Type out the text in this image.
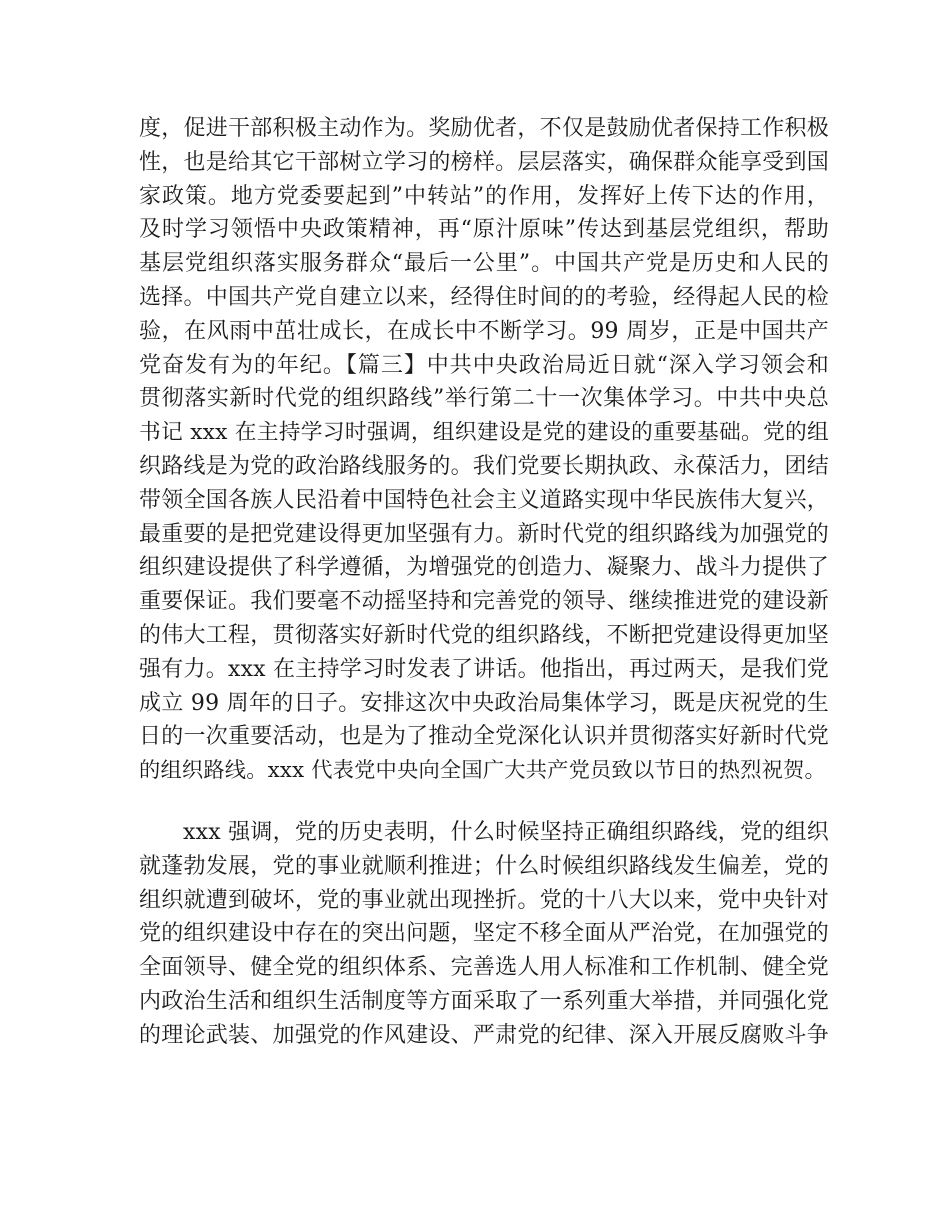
度，促进干部积极主动作为。奖励优者，不仅是鼓励优者保持工作积极
性，也是给其它干部树立学习的榜样。层层落实，确保群众能享受到国
家政策。地方党委要起到”中转站”的作用，发挥好上传下达的作用，
及时学习领悟中央政策精神，再“原汁原味”传达到基层党组织，帮助
基层党组织落实服务群众“最后一公里”。中国共产党是历史和人民的
选择。中国共产党自建立以来，经得住时间的的考验，经得起人民的检
验，在风雨中茁壮成长，在成长中不断学习。99 周岁，正是中国共产
党奋发有为的年纪。【篇三】中共中央政治局近日就“深入学习领会和
贯彻落实新时代党的组织路线”举行第二十一次集体学习。中共中央总
书记 xxx 在主持学习时强调，组织建设是党的建设的重要基础。党的组
织路线是为党的政治路线服务的。我们党要长期执政、永葆活力，团结
带领全国各族人民沿着中国特色社会主义道路实现中华民族伟大复兴，
最重要的是把党建设得更加坚强有力。新时代党的组织路线为加强党的
组织建设提供了科学遵循，为增强党的创造力、凝聚力、战斗力提供了
重要保证。我们要毫不动摇坚持和完善党的领导、继续推进党的建设新
的伟大工程，贯彻落实好新时代党的组织路线，不断把党建设得更加坚
强有力。xxx 在主持学习时发表了讲话。他指出，再过两天，是我们党
成立 99 周年的日子。安排这次中央政治局集体学习，既是庆祝党的生
日的一次重要活动，也是为了推动全党深化认识并贯彻落实好新时代党
的组织路线。xxx 代表党中央向全国广大共产党员致以节日的热烈祝贺。
xxx 强调，党的历史表明，什么时候坚持正确组织路线，党的组织
就蓬勃发展，党的事业就顺利推进；什么时候组织路线发生偏差，党的
组织就遭到破坏，党的事业就出现挫折。党的十八大以来，党中央针对
党的组织建设中存在的突出问题，坚定不移全面从严治党，在加强党的
全面领导、健全党的组织体系、完善选人用人标准和工作机制、健全党
内政治生活和组织生活制度等方面采取了一系列重大举措，并同强化党
的理论武装、加强党的作风建设、严肃党的纪律、深入开展反腐败斗争
